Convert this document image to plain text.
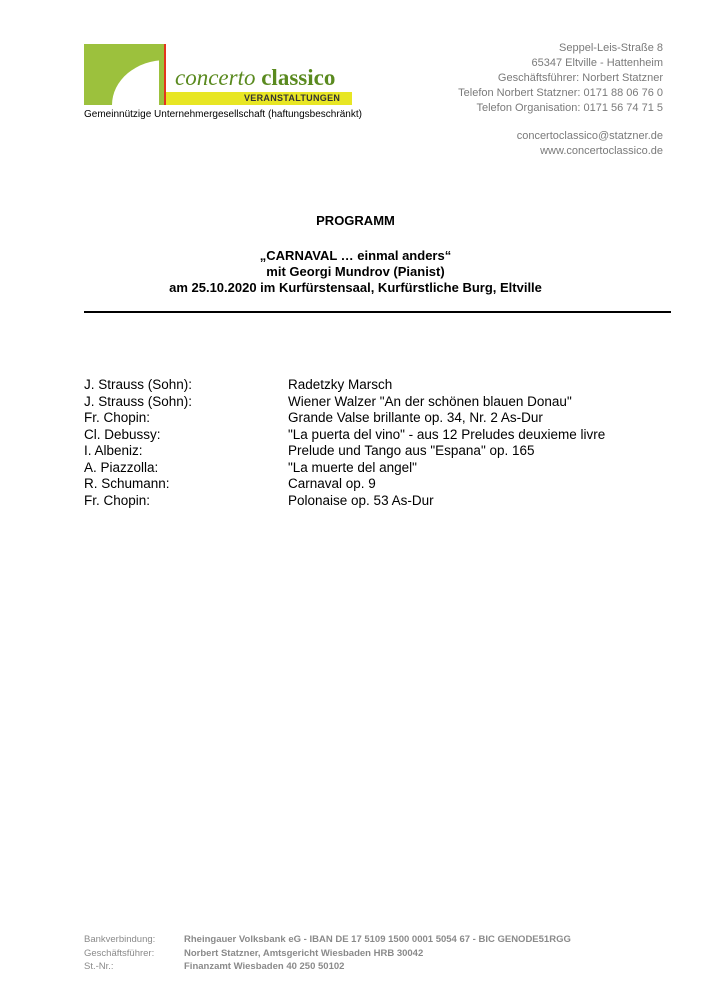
concerto classico
VERANSTALTUNGEN
Gemeinnützige Unternehmergesellschaft (haftungsbeschränkt)
Seppel-Leis-Straße 8
65347 Eltville - Hattenheim
Geschäftsführer: Norbert Statzner
Telefon Norbert Statzner: 0171 88 06 76 0
Telefon Organisation: 0171 56 74 71 5
concertoclassico@statzner.de
www.concertoclassico.de
PROGRAMM
„CARNAVAL … einmal anders“
mit Georgi Mundrov (Pianist)
am 25.10.2020 im Kurfürstensaal, Kurfürstliche Burg, Eltville
J. Strauss (Sohn):	Radetzky Marsch
J. Strauss (Sohn):	Wiener Walzer "An der schönen blauen Donau"
Fr. Chopin:	Grande Valse brillante op. 34, Nr. 2 As-Dur
Cl. Debussy:	"La puerta del vino" - aus 12 Preludes deuxieme livre
I. Albeniz:	Prelude und Tango aus "Espana" op. 165
A. Piazzolla:	"La muerte del angel"
R. Schumann:	Carnaval op. 9
Fr. Chopin:	Polonaise op. 53 As-Dur
Bankverbindung:	Rheingauer Volksbank eG - IBAN DE 17 5109 1500 0001 5054 67 - BIC GENODE51RGG
Geschäftsführer:	Norbert Statzner, Amtsgericht Wiesbaden HRB 30042
St.-Nr.:	Finanzamt Wiesbaden 40 250 50102
